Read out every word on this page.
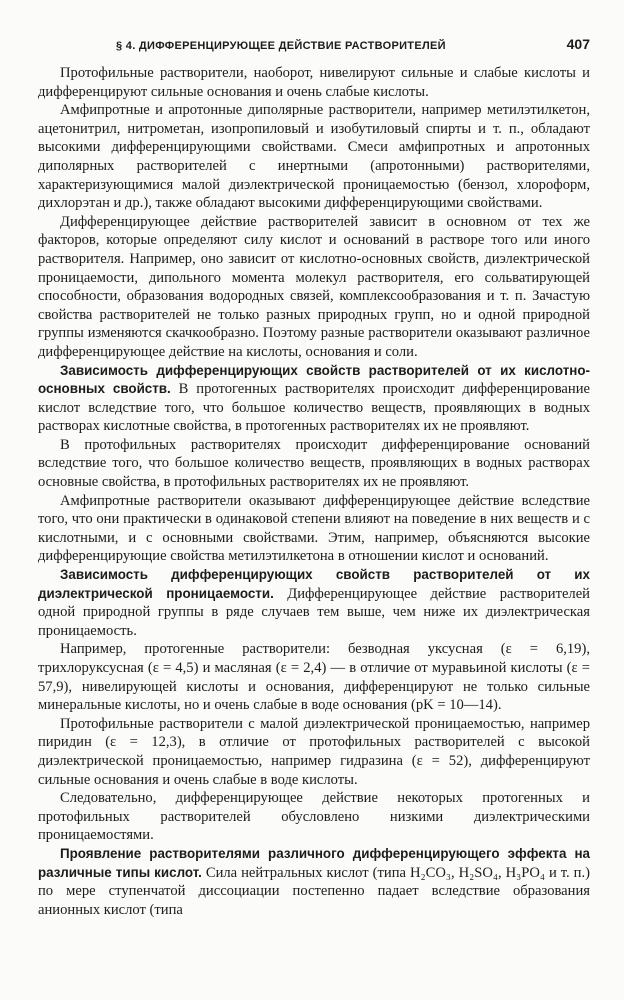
§ 4. ДИФФЕРЕНЦИРУЮЩЕЕ ДЕЙСТВИЕ РАСТВОРИТЕЛЕЙ	407

Протофильные растворители, наоборот, нивелируют сильные и слабые кислоты и дифференцируют сильные основания и очень слабые кислоты.

Амфипротные и апротонные диполярные растворители, например метилэтилкетон, ацетонитрил, нитрометан, изопропиловый и изобутиловый спирты и т. п., обладают высокими дифференцирующими свойствами. Смеси амфипротных и апротонных диполярных растворителей с инертными (апротонными) растворителями, характеризующимися малой диэлектрической проницаемостью (бензол, хлороформ, дихлорэтан и др.), также обладают высокими дифференцирующими свойствами.

Дифференцирующее действие растворителей зависит в основном от тех же факторов, которые определяют силу кислот и оснований в растворе того или иного растворителя. Например, оно зависит от кислотно-основных свойств, диэлектрической проницаемости, дипольного момента молекул растворителя, его сольватирующей способности, образования водородных связей, комплексообразования и т. п. Зачастую свойства растворителей не только разных природных групп, но и одной природной группы изменяются скачкообразно. Поэтому разные растворители оказывают различное дифференцирующее действие на кислоты, основания и соли.

Зависимость дифференцирующих свойств растворителей от их кислотно-основных свойств. В протогенных растворителях происходит дифференцирование кислот вследствие того, что большое количество веществ, проявляющих в водных растворах кислотные свойства, в протогенных растворителях их не проявляют.

В протофильных растворителях происходит дифференцирование оснований вследствие того, что большое количество веществ, проявляющих в водных растворах основные свойства, в протофильных растворителях их не проявляют.

Амфипротные растворители оказывают дифференцирующее действие вследствие того, что они практически в одинаковой степени влияют на поведение в них веществ и с кислотными, и с основными свойствами. Этим, например, объясняются высокие дифференцирующие свойства метилэтилкетона в отношении кислот и оснований.

Зависимость дифференцирующих свойств растворителей от их диэлектрической проницаемости. Дифференцирующее действие растворителей одной природной группы в ряде случаев тем выше, чем ниже их диэлектрическая проницаемость.

Например, протогенные растворители: безводная уксусная (ε = 6,19), трихлоруксусная (ε = 4,5) и масляная (ε = 2,4) — в отличие от муравьиной кислоты (ε = 57,9), нивелирующей кислоты и основания, дифференцируют не только сильные минеральные кислоты, но и очень слабые в воде основания (pK = 10—14).

Протофильные растворители с малой диэлектрической проницаемостью, например пиридин (ε = 12,3), в отличие от протофильных растворителей с высокой диэлектрической проницаемостью, например гидразина (ε = 52), дифференцируют сильные основания и очень слабые в воде кислоты.

Следовательно, дифференцирующее действие некоторых протогенных и протофильных растворителей обусловлено низкими диэлектрическими проницаемостями.

Проявление растворителями различного дифференцирующего эффекта на различные типы кислот. Сила нейтральных кислот (типа H₂CO₃, H₂SO₄, H₃PO₄ и т. п.) по мере ступенчатой диссоциации постепенно падает вследствие образования анионных кислот (типа
